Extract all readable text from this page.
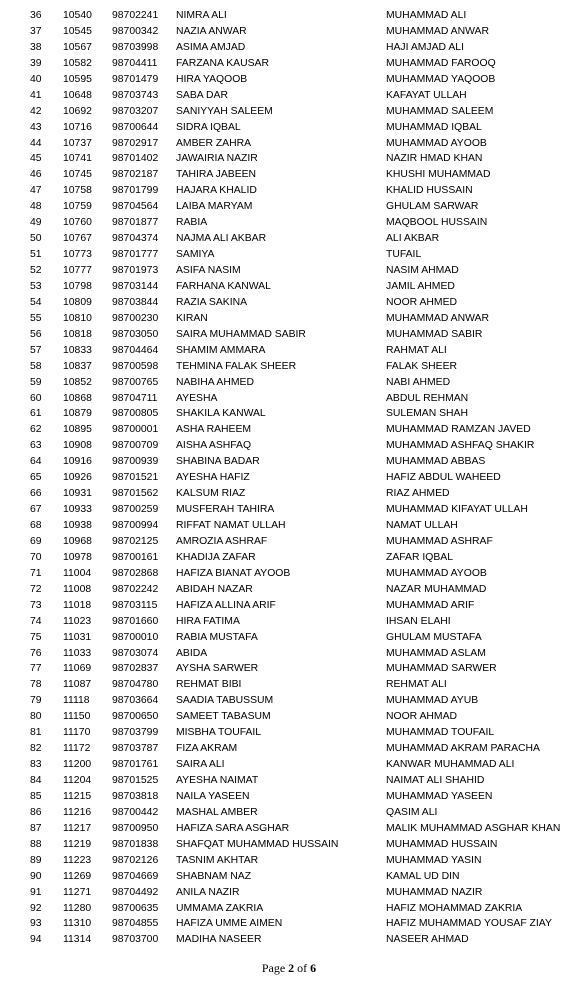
36 10540 98702241 NIMRA ALI	MUHAMMAD ALI
37 10545 98700342 NAZIA ANWAR	MUHAMMAD ANWAR
38 10567 98703998 ASIMA AMJAD	HAJI AMJAD ALI
39 10582 98704411 FARZANA KAUSAR	MUHAMMAD FAROOQ
40 10595 98701479 HIRA YAQOOB	MUHAMMAD YAQOOB
41 10648 98703743 SABA DAR	KAFAYAT ULLAH
42 10692 98703207 SANIYYAH SALEEM	MUHAMMAD SALEEM
43 10716 98700644 SIDRA IQBAL	MUHAMMAD IQBAL
44 10737 98702917 AMBER ZAHRA	MUHAMMAD AYOOB
45 10741 98701402 JAWAIRIA NAZIR	NAZIR HMAD KHAN
46 10745 98702187 TAHIRA JABEEN	KHUSHI MUHAMMAD
47 10758 98701799 HAJARA KHALID	KHALID HUSSAIN
48 10759 98704564 LAIBA MARYAM	GHULAM SARWAR
49 10760 98701877 RABIA	MAQBOOL HUSSAIN
50 10767 98704374 NAJMA ALI AKBAR	ALI AKBAR
51 10773 98701777 SAMIYA	TUFAIL
52 10777 98701973 ASIFA NASIM	NASIM AHMAD
53 10798 98703144 FARHANA KANWAL	JAMIL AHMED
54 10809 98703844 RAZIA SAKINA	NOOR AHMED
55 10810 98700230 KIRAN	MUHAMMAD ANWAR
56 10818 98703050 SAIRA MUHAMMAD SABIR	MUHAMMAD SABIR
57 10833 98704464 SHAMIM AMMARA	RAHMAT ALI
58 10837 98700598 TEHMINA FALAK SHEER	FALAK SHEER
59 10852 98700765 NABIHA AHMED	NABI AHMED
60 10868 98704711 AYESHA	ABDUL REHMAN
61 10879 98700805 SHAKILA KANWAL	SULEMAN SHAH
62 10895 98700001 ASHA RAHEEM	MUHAMMAD RAMZAN JAVED
63 10908 98700709 AISHA ASHFAQ	MUHAMMAD ASHFAQ SHAKIR
64 10916 98700939 SHABINA BADAR	MUHAMMAD ABBAS
65 10926 98701521 AYESHA HAFIZ	HAFIZ ABDUL WAHEED
66 10931 98701562 KALSUM RIAZ	RIAZ AHMED
67 10933 98700259 MUSFERAH TAHIRA	MUHAMMAD KIFAYAT ULLAH
68 10938 98700994 RIFFAT NAMAT ULLAH	NAMAT ULLAH
69 10968 98702125 AMROZIA ASHRAF	MUHAMMAD ASHRAF
70 10978 98700161 KHADIJA ZAFAR	ZAFAR IQBAL
71 11004 98702868 HAFIZA BIANAT AYOOB	MUHAMMAD AYOOB
72 11008 98702242 ABIDAH NAZAR	NAZAR MUHAMMAD
73 11018 98703115 HAFIZA ALLINA ARIF	MUHAMMAD ARIF
74 11023 98701660 HIRA FATIMA	IHSAN ELAHI
75 11031 98700010 RABIA MUSTAFA	GHULAM MUSTAFA
76 11033 98703074 ABIDA	MUHAMMAD ASLAM
77 11069 98702837 AYSHA SARWER	MUHAMMAD SARWER
78 11087 98704780 REHMAT BIBI	REHMAT ALI
79 11118 98703664 SAADIA TABUSSUM	MUHAMMAD AYUB
80 11150 98700650 SAMEET TABASUM	NOOR AHMAD
81 11170 98703799 MISBHA TOUFAIL	MUHAMMAD TOUFAIL
82 11172 98703787 FIZA AKRAM	MUHAMMAD AKRAM PARACHA
83 11200 98701761 SAIRA ALI	KANWAR MUHAMMAD ALI
84 11204 98701525 AYESHA NAIMAT	NAIMAT ALI SHAHID
85 11215 98703818 NAILA YASEEN	MUHAMMAD YASEEN
86 11216 98700442 MASHAL AMBER	QASIM ALI
87 11217 98700950 HAFIZA SARA ASGHAR	MALIK MUHAMMAD ASGHAR KHAN
88 11219 98701838 SHAFQAT MUHAMMAD HUSSAIN	MUHAMMAD HUSSAIN
89 11223 98702126 TASNIM AKHTAR	MUHAMMAD YASIN
90 11269 98704669 SHABNAM NAZ	KAMAL UD DIN
91 11271 98704492 ANILA NAZIR	MUHAMMAD NAZIR
92 11280 98700635 UMMAMA ZAKRIA	HAFIZ MOHAMMAD ZAKRIA
93 11310 98704855 HAFIZA UMME AIMEN	HAFIZ MUHAMMAD YOUSAF ZIAY
94 11314 98703700 MADIHA NASEER	NASEER AHMAD
Page 2 of 6
